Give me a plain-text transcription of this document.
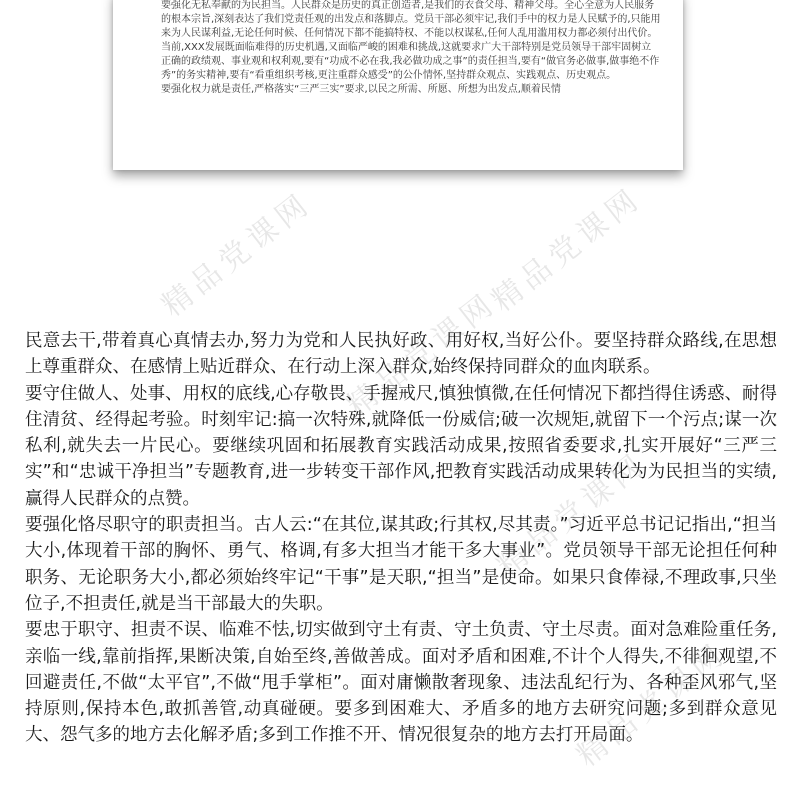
要强化无私奉献的为民担当。人民群众是历史的真正创造者,是我们的衣食父母、精神父母。全心全意为人民服务的根本宗旨,深刻表达了我们党责任观的出发点和落脚点。党员干部必须牢记,我们手中的权力是人民赋予的,只能用来为人民谋利益,无论任何时候、任何情况下都不能搞特权、不能以权谋私,任何人乱用滥用权力都必须付出代价。

当前,XXX发展既面临难得的历史机遇,又面临严峻的困难和挑战,这就要求广大干部特别是党员领导干部牢固树立正确的政绩观、事业观和权利观,要有“功成不必在我,我必做功成之事”的责任担当,要有“做官务必做事,做事绝不作秀”的务实精神,要有“看重组织考核,更注重群众感受”的公仆情怀,坚持群众观点、实践观点、历史观点。

要强化权力就是责任,严格落实“三严三实”要求,以民之所需、所愿、所想为出发点,顺着民情

精品党课网	精品党课网
精品党课网
精品党课网
精品党课网

民意去干,带着真心真情去办,努力为党和人民执好政、用好权,当好公仆。要坚持群众路线,在思想上尊重群众、在感情上贴近群众、在行动上深入群众,始终保持同群众的血肉联系。

要守住做人、处事、用权的底线,心存敬畏、手握戒尺,慎独慎微,在任何情况下都挡得住诱惑、耐得住清贫、经得起考验。时刻牢记:搞一次特殊,就降低一份威信;破一次规矩,就留下一个污点;谋一次私利,就失去一片民心。要继续巩固和拓展教育实践活动成果,按照省委要求,扎实开展好“三严三实”和“忠诚干净担当”专题教育,进一步转变干部作风,把教育实践活动成果转化为为民担当的实绩,赢得人民群众的点赞。

要强化恪尽职守的职责担当。古人云:“在其位,谋其政;行其权,尽其责。”习近平总书记记指出,“担当大小,体现着干部的胸怀、勇气、格调,有多大担当才能干多大事业”。党员领导干部无论担任何种职务、无论职务大小,都必须始终牢记“干事”是天职,“担当”是使命。如果只食俸禄,不理政事,只坐位子,不担责任,就是当干部最大的失职。

要忠于职守、担责不误、临难不怯,切实做到守土有责、守土负责、守土尽责。面对急难险重任务,亲临一线,靠前指挥,果断决策,自始至终,善做善成。面对矛盾和困难,不计个人得失,不徘徊观望,不回避责任,不做“太平官”,不做“甩手掌柜”。面对庸懒散奢现象、违法乱纪行为、各种歪风邪气,坚持原则,保持本色,敢抓善管,动真碰硬。要多到困难大、矛盾多的地方去研究问题;多到群众意见大、怨气多的地方去化解矛盾;多到工作推不开、情况很复杂的地方去打开局面。
